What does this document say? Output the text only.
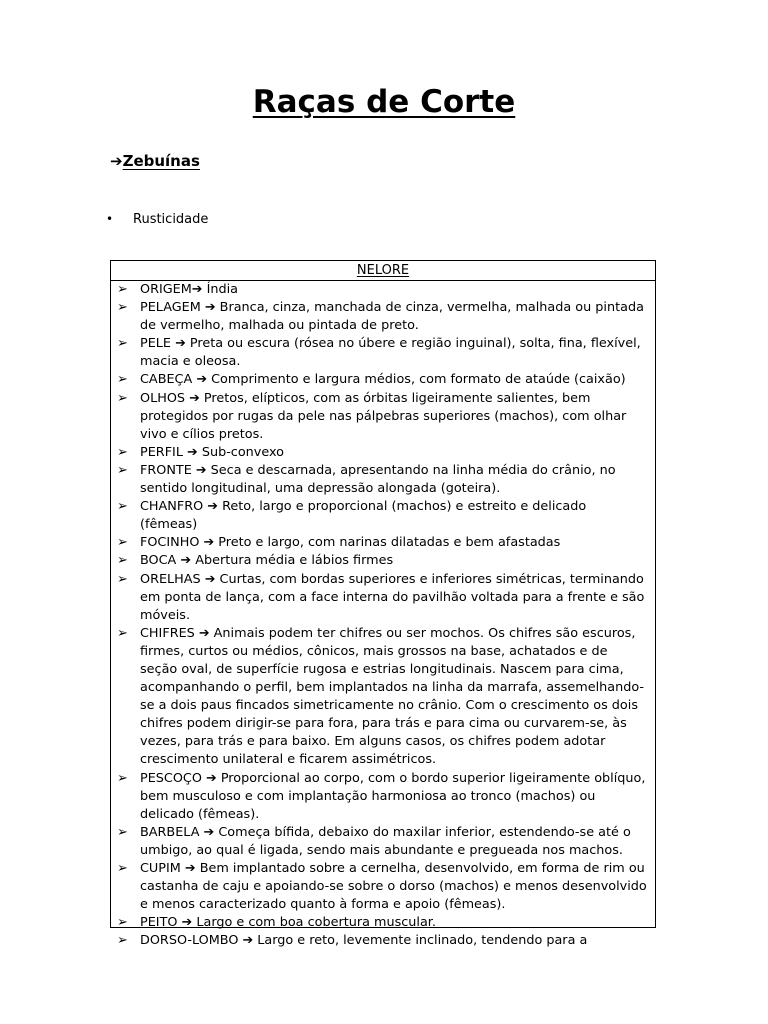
Raças de Corte
➔Zebuínas
• Rusticidade
NELORE
➢ ORIGEM➔ Índia
➢ PELAGEM ➔ Branca, cinza, manchada de cinza, vermelha, malhada ou pintada de vermelho, malhada ou pintada de preto.
➢ PELE ➔ Preta ou escura (rósea no úbere e região inguinal), solta, fina, flexível, macia e oleosa.
➢ CABEÇA ➔ Comprimento e largura médios, com formato de ataúde (caixão)
➢ OLHOS ➔ Pretos, elípticos, com as órbitas ligeiramente salientes, bem protegidos por rugas da pele nas pálpebras superiores (machos), com olhar vivo e cílios pretos.
➢ PERFIL ➔ Sub-convexo
➢ FRONTE ➔ Seca e descarnada, apresentando na linha média do crânio, no sentido longitudinal, uma depressão alongada (goteira).
➢ CHANFRO ➔ Reto, largo e proporcional (machos) e estreito e delicado (fêmeas)
➢ FOCINHO ➔ Preto e largo, com narinas dilatadas e bem afastadas
➢ BOCA ➔ Abertura média e lábios firmes
➢ ORELHAS ➔ Curtas, com bordas superiores e inferiores simétricas, terminando em ponta de lança, com a face interna do pavilhão voltada para a frente e são móveis.
➢ CHIFRES ➔ Animais podem ter chifres ou ser mochos. Os chifres são escuros, firmes, curtos ou médios, cônicos, mais grossos na base, achatados e de seção oval, de superfície rugosa e estrias longitudinais. Nascem para cima, acompanhando o perfil, bem implantados na linha da marrafa, assemelhando-se a dois paus fincados simetricamente no crânio. Com o crescimento os dois chifres podem dirigir-se para fora, para trás e para cima ou curvarem-se, às vezes, para trás e para baixo. Em alguns casos, os chifres podem adotar crescimento unilateral e ficarem assimétricos.
➢ PESCOÇO ➔ Proporcional ao corpo, com o bordo superior ligeiramente oblíquo, bem musculoso e com implantação harmoniosa ao tronco (machos) ou delicado (fêmeas).
➢ BARBELA ➔ Começa bífida, debaixo do maxilar inferior, estendendo-se até o umbigo, ao qual é ligada, sendo mais abundante e pregueada nos machos.
➢ CUPIM ➔ Bem implantado sobre a cernelha, desenvolvido, em forma de rim ou castanha de caju e apoiando-se sobre o dorso (machos) e menos desenvolvido e menos caracterizado quanto à forma e apoio (fêmeas).
➢ PEITO ➔ Largo e com boa cobertura muscular.
➢ DORSO-LOMBO ➔ Largo e reto, levemente inclinado, tendendo para a
